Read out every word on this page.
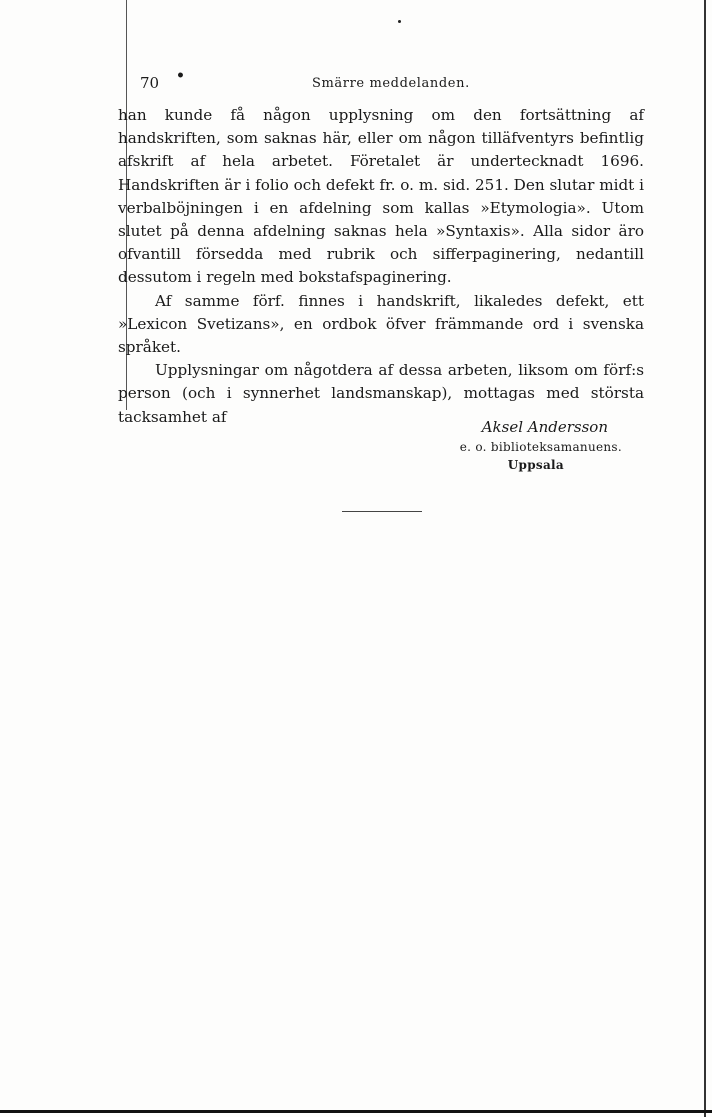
70 •	Smärre meddelanden.

han kunde få någon upplysning om den fortsättning af handskriften, som saknas här, eller om någon tilläfventyrs befintlig afskrift af hela arbetet. Företalet är undertecknadt 1696. Handskriften är i folio och defekt fr. o. m. sid. 251. Den slutar midt i verbalböjningen i en afdelning som kallas »Etymologia». Utom slutet på denna afdelning saknas hela »Syntaxis». Alla sidor äro ofvantill försedda med rubrik och sifferpaginering, nedantill dessutom i regeln med bokstafspaginering.

Af samme förf. finnes i handskrift, likaledes defekt, ett »Lexicon Svetizans», en ordbok öfver främmande ord i svenska språket.

Upplysningar om någotdera af dessa arbeten, liksom om förf:s person (och i synnerhet landsmanskap), mottagas med största tacksamhet af

Aksel Andersson
e. o. biblioteksamanuens.
Uppsala
